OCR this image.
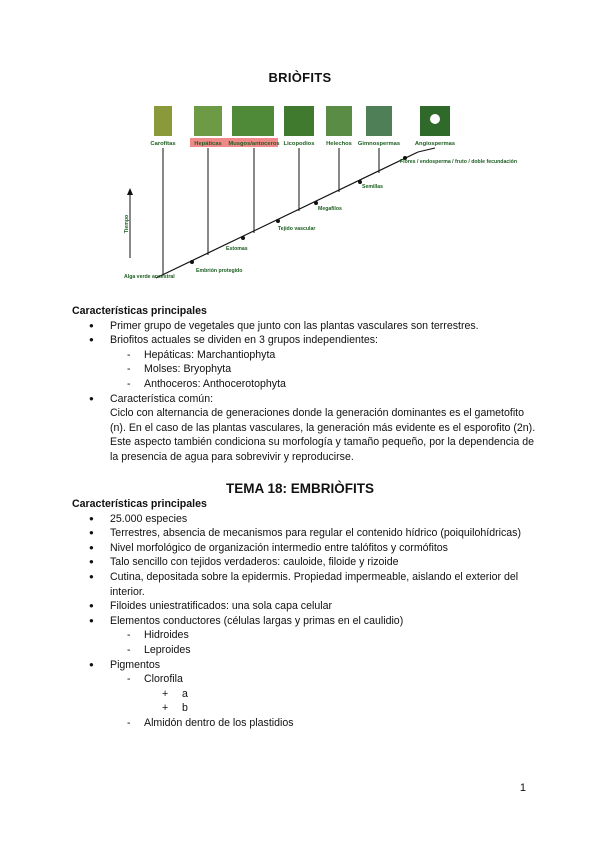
BRIÒFITS
Carofitas	Hepáticas Musgos/antoceros Licopodios Helechos Gimnospermas	Angiospermas
Embrión protegido
Estomas
Tejido vascular
Megafilos
Semillas
Flores / endosperma / fruto / doble fecundación
Alga verde ancestral
Tiempo
Características principales
● Primer grupo de vegetales que junto con las plantas vasculares son terrestres.
● Briofitos actuales se dividen en 3 grupos independientes:
- Hepáticas: Marchantiophyta
- Molses: Bryophyta
- Anthoceros: Anthocerotophyta
● Característica común:
Ciclo con alternancia de generaciones donde la generación dominantes es el gametofito (n). En el caso de las plantas vasculares, la generación más evidente es el esporofito (2n). Este aspecto también condiciona su morfología y tamaño pequeño, por la dependencia de la presencia de agua para sobrevivir y reproducirse.
TEMA 18: EMBRIÒFITS
Características principales
● 25.000 especies
● Terrestres, absencia de mecanismos para regular el contenido hídrico (poiquilohídricas)
● Nivel morfológico de organización intermedio entre talófitos y cormófitos
● Talo sencillo con tejidos verdaderos: cauloide, filoide y rizoide
● Cutina, depositada sobre la epidermis. Propiedad impermeable, aislando el exterior del interior.
● Filoides uniestratificados: una sola capa celular
● Elementos conductores (células largas y primas en el caulidio)
- Hidroides
- Leproides
● Pigmentos
- Clorofila
+ a
+ b
- Almidón dentro de los plastidios
1
